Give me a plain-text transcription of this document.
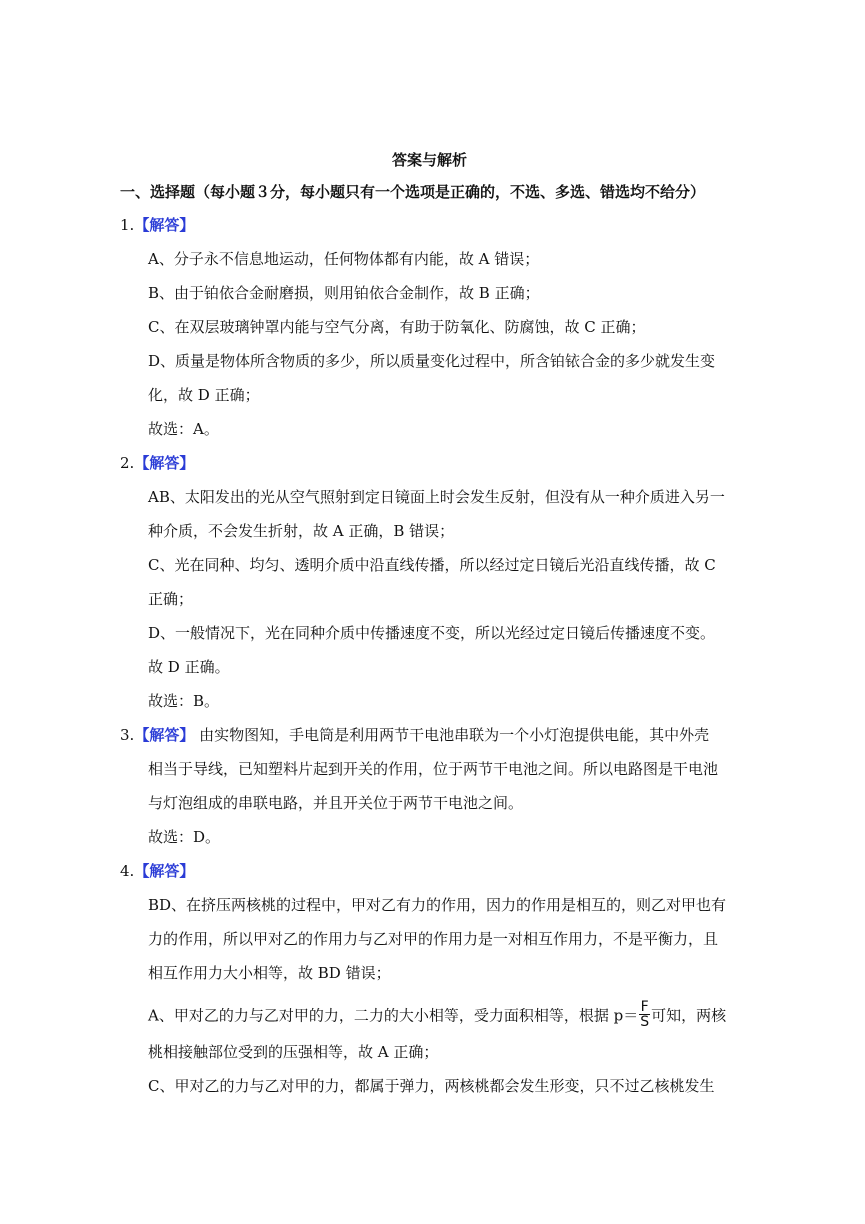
答案与解析
一、选择题（每小题３分，每小题只有一个选项是正确的，不选、多选、错选均不给分）
1.【解答】
A、分子永不信息地运动，任何物体都有内能，故 A 错误；
B、由于铂依合金耐磨损，则用铂依合金制作，故 B 正确；
C、在双层玻璃钟罩内能与空气分离，有助于防氧化、防腐蚀，故 C 正确；
D、质量是物体所含物质的多少，所以质量变化过程中，所含铂铱合金的多少就发生变
化，故 D 正确；
故选：A。
2.【解答】
AB、太阳发出的光从空气照射到定日镜面上时会发生反射，但没有从一种介质进入另一
种介质，不会发生折射，故 A 正确，B 错误；
C、光在同种、均匀、透明介质中沿直线传播，所以经过定日镜后光沿直线传播，故 C
正确；
D、一般情况下，光在同种介质中传播速度不变，所以光经过定日镜后传播速度不变。
故 D 正确。
故选：B。
3.【解答】 由实物图知，手电筒是利用两节干电池串联为一个小灯泡提供电能，其中外壳
相当于导线，已知塑料片起到开关的作用，位于两节干电池之间。所以电路图是干电池
与灯泡组成的串联电路，并且开关位于两节干电池之间。
故选：D。
4.【解答】
BD、在挤压两核桃的过程中，甲对乙有力的作用，因力的作用是相互的，则乙对甲也有
力的作用，所以甲对乙的作用力与乙对甲的作用力是一对相互作用力，不是平衡力，且
相互作用力大小相等，故 BD 错误；
A、甲对乙的力与乙对甲的力，二力的大小相等，受力面积相等，根据 $p= \frac{F}{S}$ 可知，两核
桃相接触部位受到的压强相等，故 A 正确；
C、甲对乙的力与乙对甲的力，都属于弹力，两核桃都会发生形变，只不过乙核桃发生
